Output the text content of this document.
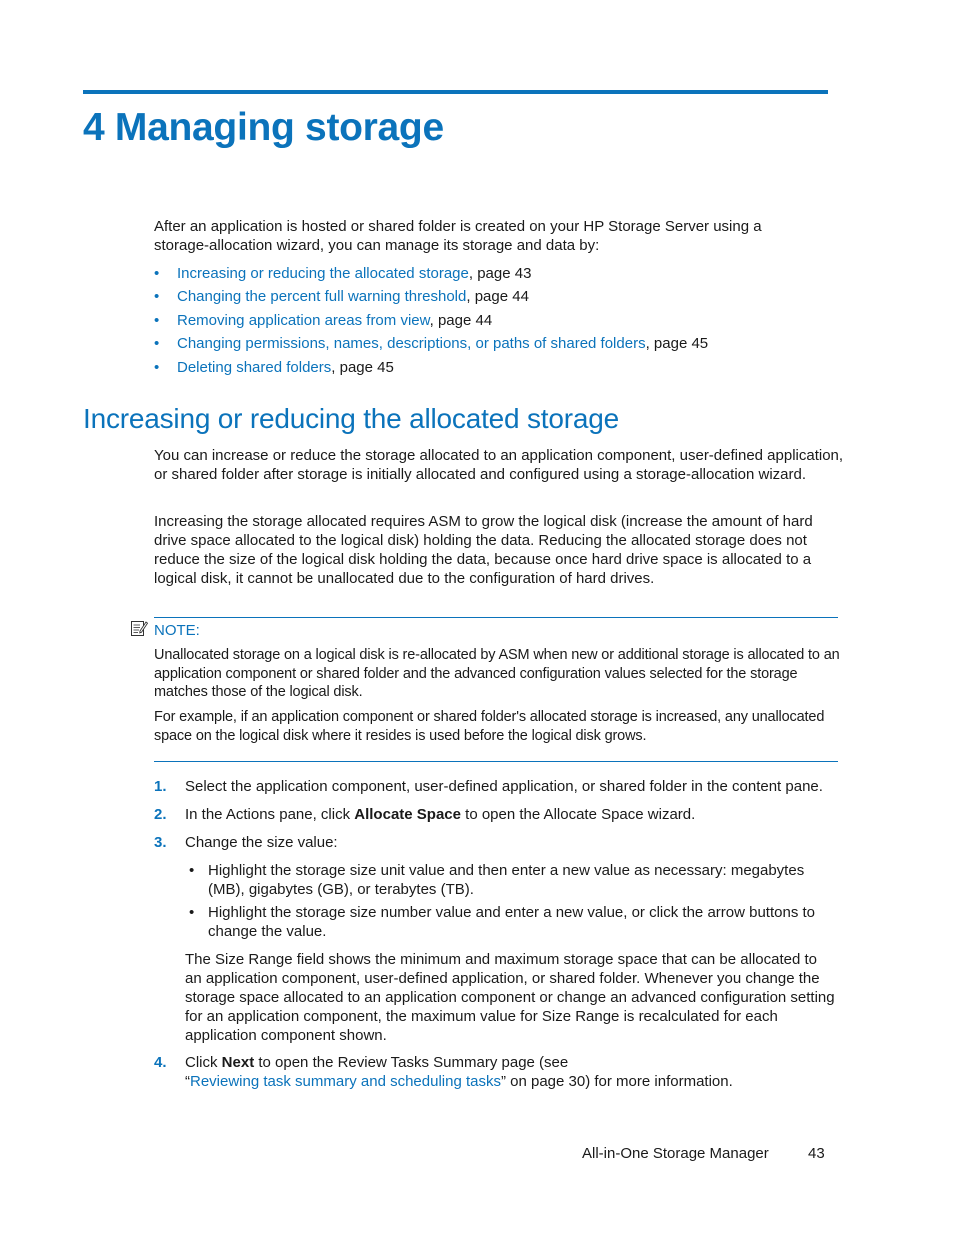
4 Managing storage
After an application is hosted or shared folder is created on your HP Storage Server using a storage-allocation wizard, you can manage its storage and data by:
• Increasing or reducing the allocated storage, page 43
• Changing the percent full warning threshold, page 44
• Removing application areas from view, page 44
• Changing permissions, names, descriptions, or paths of shared folders, page 45
• Deleting shared folders, page 45
Increasing or reducing the allocated storage
You can increase or reduce the storage allocated to an application component, user-defined application, or shared folder after storage is initially allocated and configured using a storage-allocation wizard.
Increasing the storage allocated requires ASM to grow the logical disk (increase the amount of hard drive space allocated to the logical disk) holding the data. Reducing the allocated storage does not reduce the size of the logical disk holding the data, because once hard drive space is allocated to a logical disk, it cannot be unallocated due to the configuration of hard drives.
NOTE:
Unallocated storage on a logical disk is re-allocated by ASM when new or additional storage is allocated to an application component or shared folder and the advanced configuration values selected for the storage matches those of the logical disk.
For example, if an application component or shared folder's allocated storage is increased, any unallocated space on the logical disk where it resides is used before the logical disk grows.
1. Select the application component, user-defined application, or shared folder in the content pane.
2. In the Actions pane, click Allocate Space to open the Allocate Space wizard.
3. Change the size value:
• Highlight the storage size unit value and then enter a new value as necessary: megabytes (MB), gigabytes (GB), or terabytes (TB).
• Highlight the storage size number value and enter a new value, or click the arrow buttons to change the value.
The Size Range field shows the minimum and maximum storage space that can be allocated to an application component, user-defined application, or shared folder. Whenever you change the storage space allocated to an application component or change an advanced configuration setting for an application component, the maximum value for Size Range is recalculated for each application component shown.
4. Click Next to open the Review Tasks Summary page (see
“Reviewing task summary and scheduling tasks” on page 30) for more information.
All-in-One Storage Manager	43
